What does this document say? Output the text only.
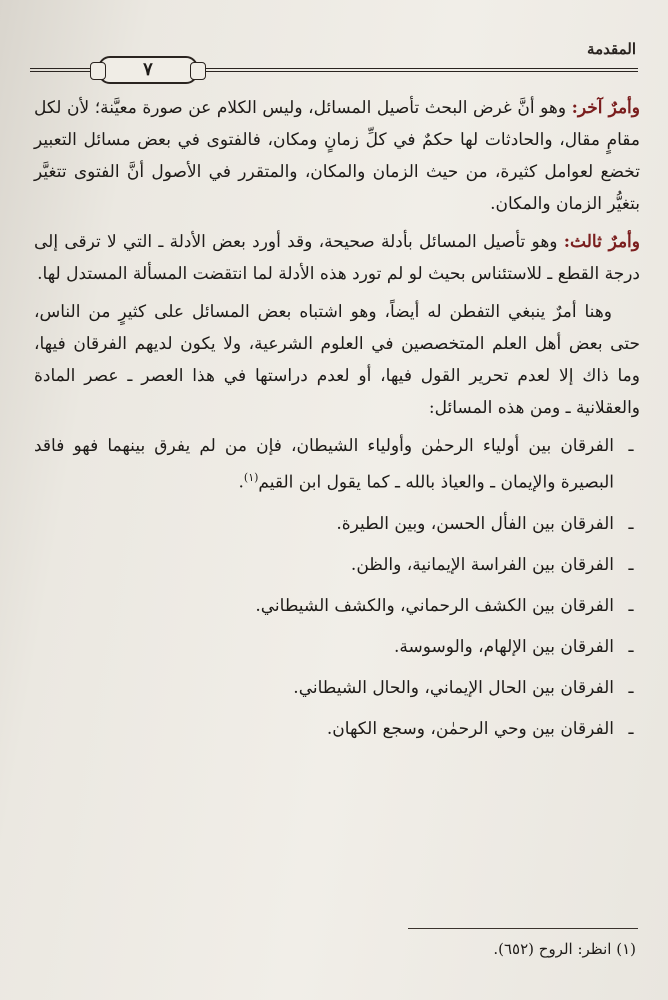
المقدمة
٧

وأمرٌ آخر: وهو أنَّ غرض البحث تأصيل المسائل، وليس الكلام عن صورة معيَّنة؛ لأن لكل مقامٍ مقال، والحادثات لها حكمٌ في كلِّ زمانٍ ومكان، فالفتوى في بعض مسائل التعبير تخضع لعوامل كثيرة، من حيث الزمان والمكان، والمتقرر في الأصول أنَّ الفتوى تتغيَّر بتغيُّر الزمان والمكان.

وأمرٌ ثالث: وهو تأصيل المسائل بأدلة صحيحة، وقد أورد بعض الأدلة ـ التي لا ترقى إلى درجة القطع ـ للاستئناس بحيث لو لم تورد هذه الأدلة لما انتقضت المسألة المستدل لها.

وهنا أمرٌ ينبغي التفطن له أيضاً، وهو اشتباه بعض المسائل على كثيرٍ من الناس، حتى بعض أهل العلم المتخصصين في العلوم الشرعية، ولا يكون لديهم الفرقان فيها، وما ذاك إلا لعدم تحرير القول فيها، أو لعدم دراستها في هذا العصر ـ عصر المادة والعقلانية ـ ومن هذه المسائل:

ـ
الفرقان بين أولياء الرحمٰن وأولياء الشيطان، فإن من لم يفرق بينهما فهو فاقد البصيرة والإيمان ـ والعياذ بالله ـ كما يقول ابن القيم$^{(١)}$.
ـ
الفرقان بين الفأل الحسن، وبين الطيرة.
ـ
الفرقان بين الفراسة الإيمانية، والظن.
ـ
الفرقان بين الكشف الرحماني، والكشف الشيطاني.
ـ
الفرقان بين الإلهام، والوسوسة.
ـ
الفرقان بين الحال الإيماني، والحال الشيطاني.
ـ
الفرقان بين وحي الرحمٰن، وسجع الكهان.
(١) انظر: الروح (٦٥٢).
